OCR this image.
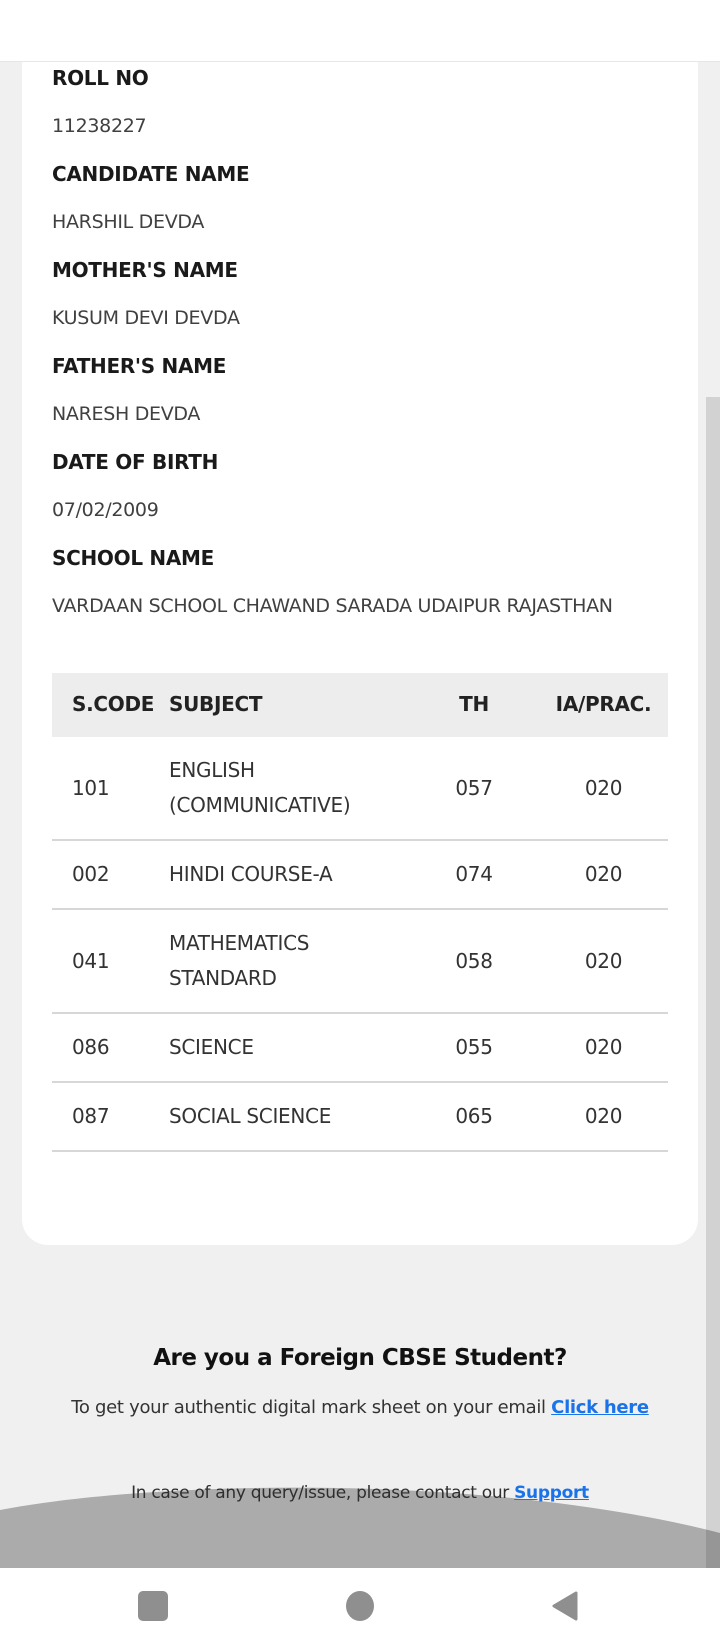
ROLL NO
11238227
CANDIDATE NAME
HARSHIL DEVDA
MOTHER'S NAME
KUSUM DEVI DEVDA
FATHER'S NAME
NARESH DEVDA
DATE OF BIRTH
07/02/2009
SCHOOL NAME
VARDAAN SCHOOL CHAWAND SARADA UDAIPUR RAJASTHAN
S.CODE	SUBJECT	TH	IA/PRAC.
101	ENGLISH (COMMUNICATIVE)	057	020
002	HINDI COURSE-A	074	020
041	MATHEMATICS STANDARD	058	020
086	SCIENCE	055	020
087	SOCIAL SCIENCE	065	020
Are you a Foreign CBSE Student?
To get your authentic digital mark sheet on your email Click here
In case of any query/issue, please contact our Support
